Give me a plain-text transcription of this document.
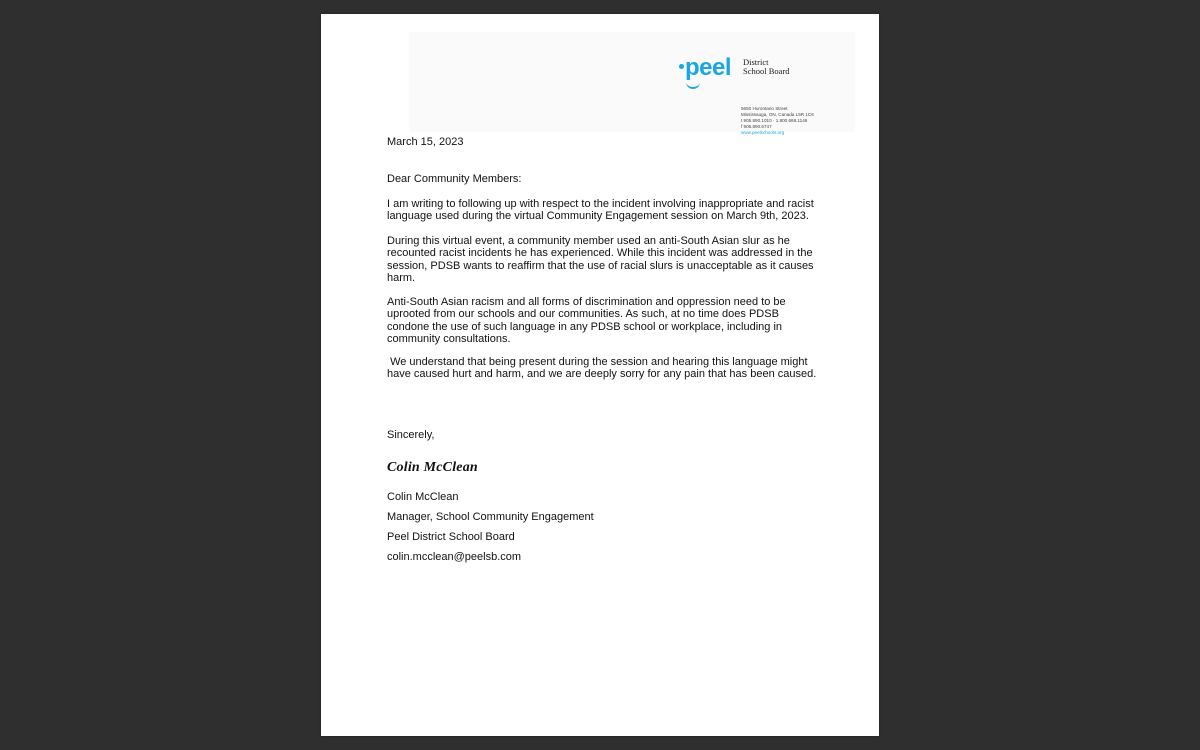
peel District
School Board
5650 Hurontario Street
Mississauga, ON, Canada L5R 1C6
t 905.890.1010 · 1.800.668.1146
f 905.890.6747
www.peelschools.org
March 15, 2023
Dear Community Members:

I am writing to following up with respect to the incident involving inappropriate and racist language used during the virtual Community Engagement session on March 9th, 2023.

During this virtual event, a community member used an anti-South Asian slur as he recounted racist incidents he has experienced. While this incident was addressed in the session, PDSB wants to reaffirm that the use of racial slurs is unacceptable as it causes harm.

Anti-South Asian racism and all forms of discrimination and oppression need to be uprooted from our schools and our communities. As such, at no time does PDSB condone the use of such language in any PDSB school or workplace, including in community consultations.

We understand that being present during the session and hearing this language might have caused hurt and harm, and we are deeply sorry for any pain that has been caused.

Sincerely,
Colin McClean
Colin McClean
Manager, School Community Engagement
Peel District School Board
colin.mcclean@peelsb.com
